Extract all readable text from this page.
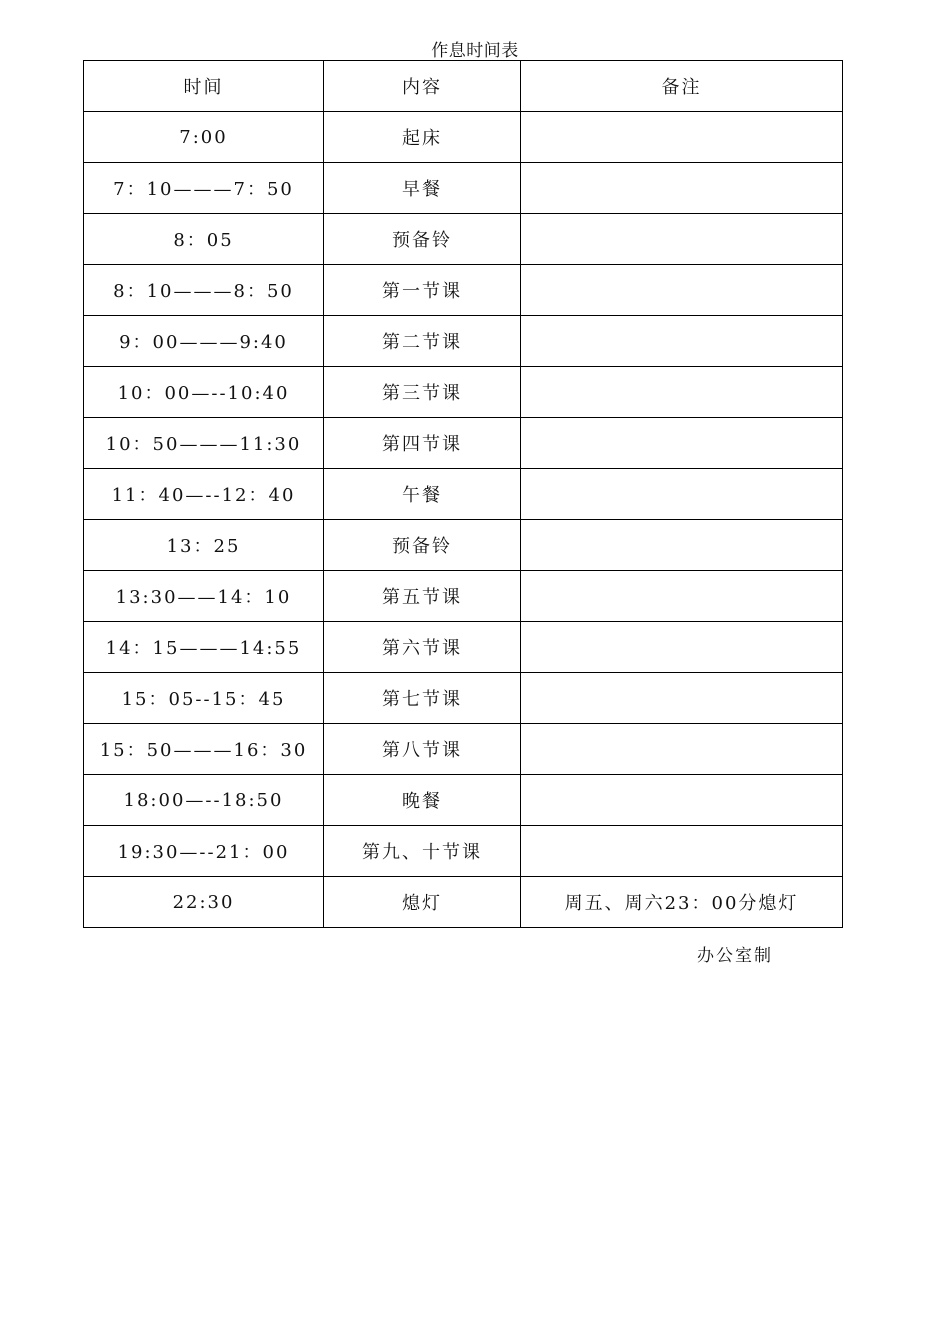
作息时间表
时间	内容	备注
7:00	起床	
7：10———7：50	早餐	
8：05	预备铃	
8：10———8：50	第一节课	
9：00———9:40	第二节课	
10：00—--10:40	第三节课	
10：50———11:30	第四节课	
11：40—--12：40	午餐	
13：25	预备铃	
13:30——14：10	第五节课	
14：15———14:55	第六节课	
15：05--15：45	第七节课	
15：50———16：30	第八节课	
18:00—--18:50	晚餐	
19:30—--21：00	第九、十节课	
22:30	熄灯	周五、周六23：00分熄灯
办公室制
